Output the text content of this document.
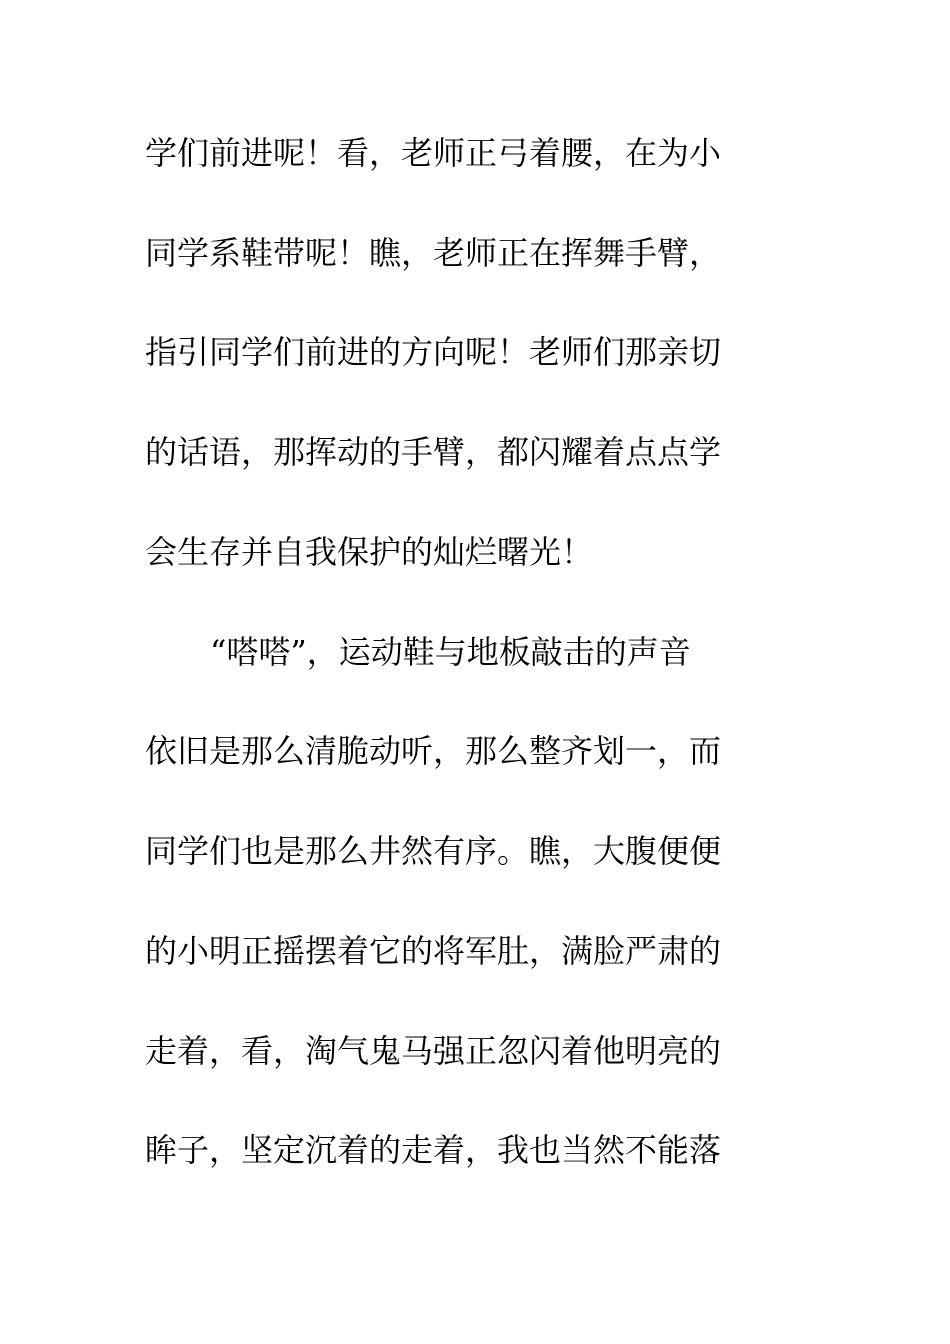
学们前进呢！看，老师正弓着腰，在为小
同学系鞋带呢！瞧，老师正在挥舞手臂，
指引同学们前进的方向呢！老师们那亲切
的话语，那挥动的手臂，都闪耀着点点学
会生存并自我保护的灿烂曙光！
“嗒嗒”，运动鞋与地板敲击的声音
依旧是那么清脆动听，那么整齐划一，而
同学们也是那么井然有序。瞧，大腹便便
的小明正摇摆着它的将军肚，满脸严肃的
走着，看，淘气鬼马强正忽闪着他明亮的
眸子，坚定沉着的走着，我也当然不能落
